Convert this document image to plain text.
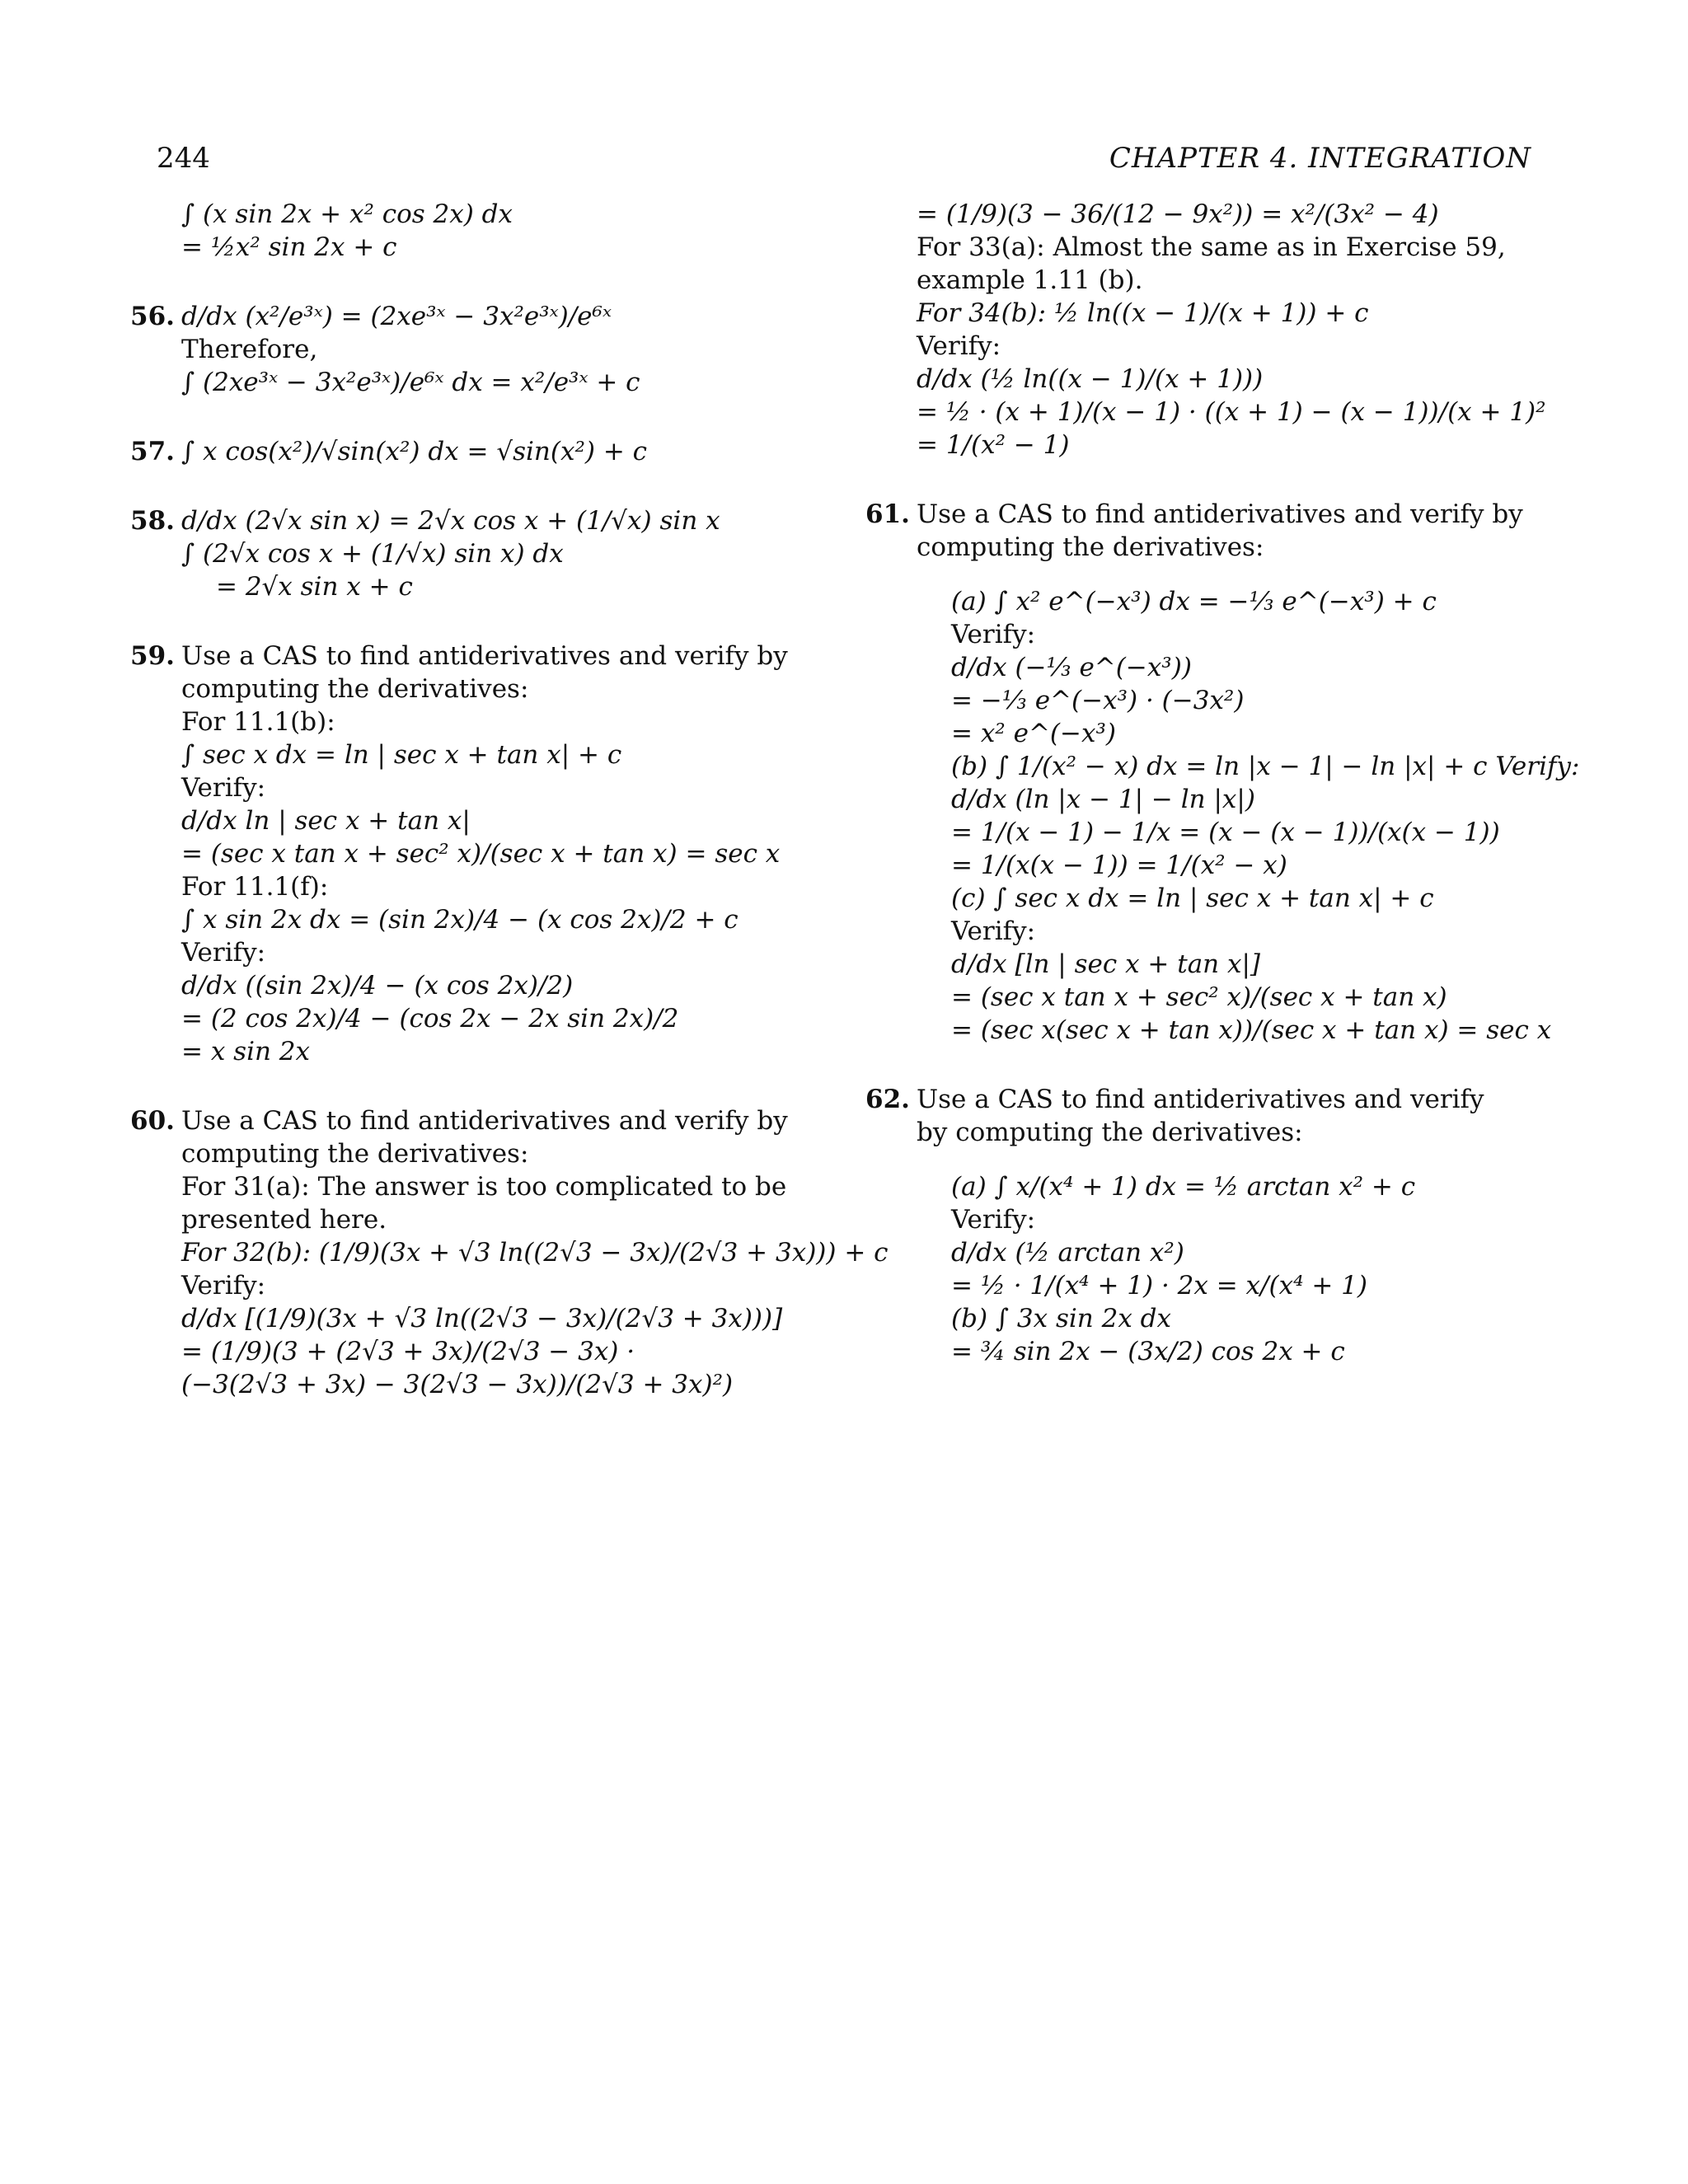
244	CHAPTER 4. INTEGRATION
∫ (x sin 2x + x² cos 2x) dx
= ½x² sin 2x + c
56. d/dx (x²/e³ˣ) = (2xe³ˣ − 3x²e³ˣ)/e⁶ˣ
Therefore,
∫ (2xe³ˣ − 3x²e³ˣ)/e⁶ˣ dx = x²/e³ˣ + c
57. ∫ x cos(x²)/√sin(x²) dx = √sin(x²) + c
58. d/dx (2√x sin x) = 2√x cos x + (1/√x) sin x
∫ (2√x cos x + (1/√x) sin x) dx
= 2√x sin x + c
59. Use a CAS to find antiderivatives and verify by
computing the derivatives:
For 11.1(b):
∫ sec x dx = ln | sec x + tan x| + c
Verify:
d/dx ln | sec x + tan x|
= (sec x tan x + sec² x)/(sec x + tan x) = sec x
For 11.1(f):
∫ x sin 2x dx = (sin 2x)/4 − (x cos 2x)/2 + c
Verify:
d/dx ((sin 2x)/4 − (x cos 2x)/2)
= (2 cos 2x)/4 − (cos 2x − 2x sin 2x)/2
= x sin 2x
60. Use a CAS to find antiderivatives and verify by
computing the derivatives:
For 31(a): The answer is too complicated to be
presented here.
For 32(b): (1/9)(3x + √3 ln((2√3 − 3x)/(2√3 + 3x))) + c
Verify:
d/dx [(1/9)(3x + √3 ln((2√3 − 3x)/(2√3 + 3x)))]
= (1/9)(3 + (2√3 + 3x)/(2√3 − 3x) ·
(−3(2√3 + 3x) − 3(2√3 − 3x))/(2√3 + 3x)²)
= (1/9)(3 − 36/(12 − 9x²)) = x²/(3x² − 4)
For 33(a): Almost the same as in Exercise 59,
example 1.11 (b).
For 34(b): ½ ln((x − 1)/(x + 1)) + c
Verify:
d/dx (½ ln((x − 1)/(x + 1)))
= ½ · (x + 1)/(x − 1) · ((x + 1) − (x − 1))/(x + 1)²
= 1/(x² − 1)
61. Use a CAS to find antiderivatives and verify by
computing the derivatives:
(a) ∫ x² e^(−x³) dx = −⅓ e^(−x³) + c
Verify:
d/dx (−⅓ e^(−x³))
= −⅓ e^(−x³) · (−3x²)
= x² e^(−x³)
(b) ∫ 1/(x² − x) dx = ln |x − 1| − ln |x| + c Verify:
d/dx (ln |x − 1| − ln |x|)
= 1/(x − 1) − 1/x = (x − (x − 1))/(x(x − 1))
= 1/(x(x − 1)) = 1/(x² − x)
(c) ∫ sec x dx = ln | sec x + tan x| + c
Verify:
d/dx [ln | sec x + tan x|]
= (sec x tan x + sec² x)/(sec x + tan x)
= (sec x(sec x + tan x))/(sec x + tan x) = sec x
62. Use a CAS to find antiderivatives and verify
by computing the derivatives:
(a) ∫ x/(x⁴ + 1) dx = ½ arctan x² + c
Verify:
d/dx (½ arctan x²)
= ½ · 1/(x⁴ + 1) · 2x = x/(x⁴ + 1)
(b) ∫ 3x sin 2x dx
= ¾ sin 2x − (3x/2) cos 2x + c
